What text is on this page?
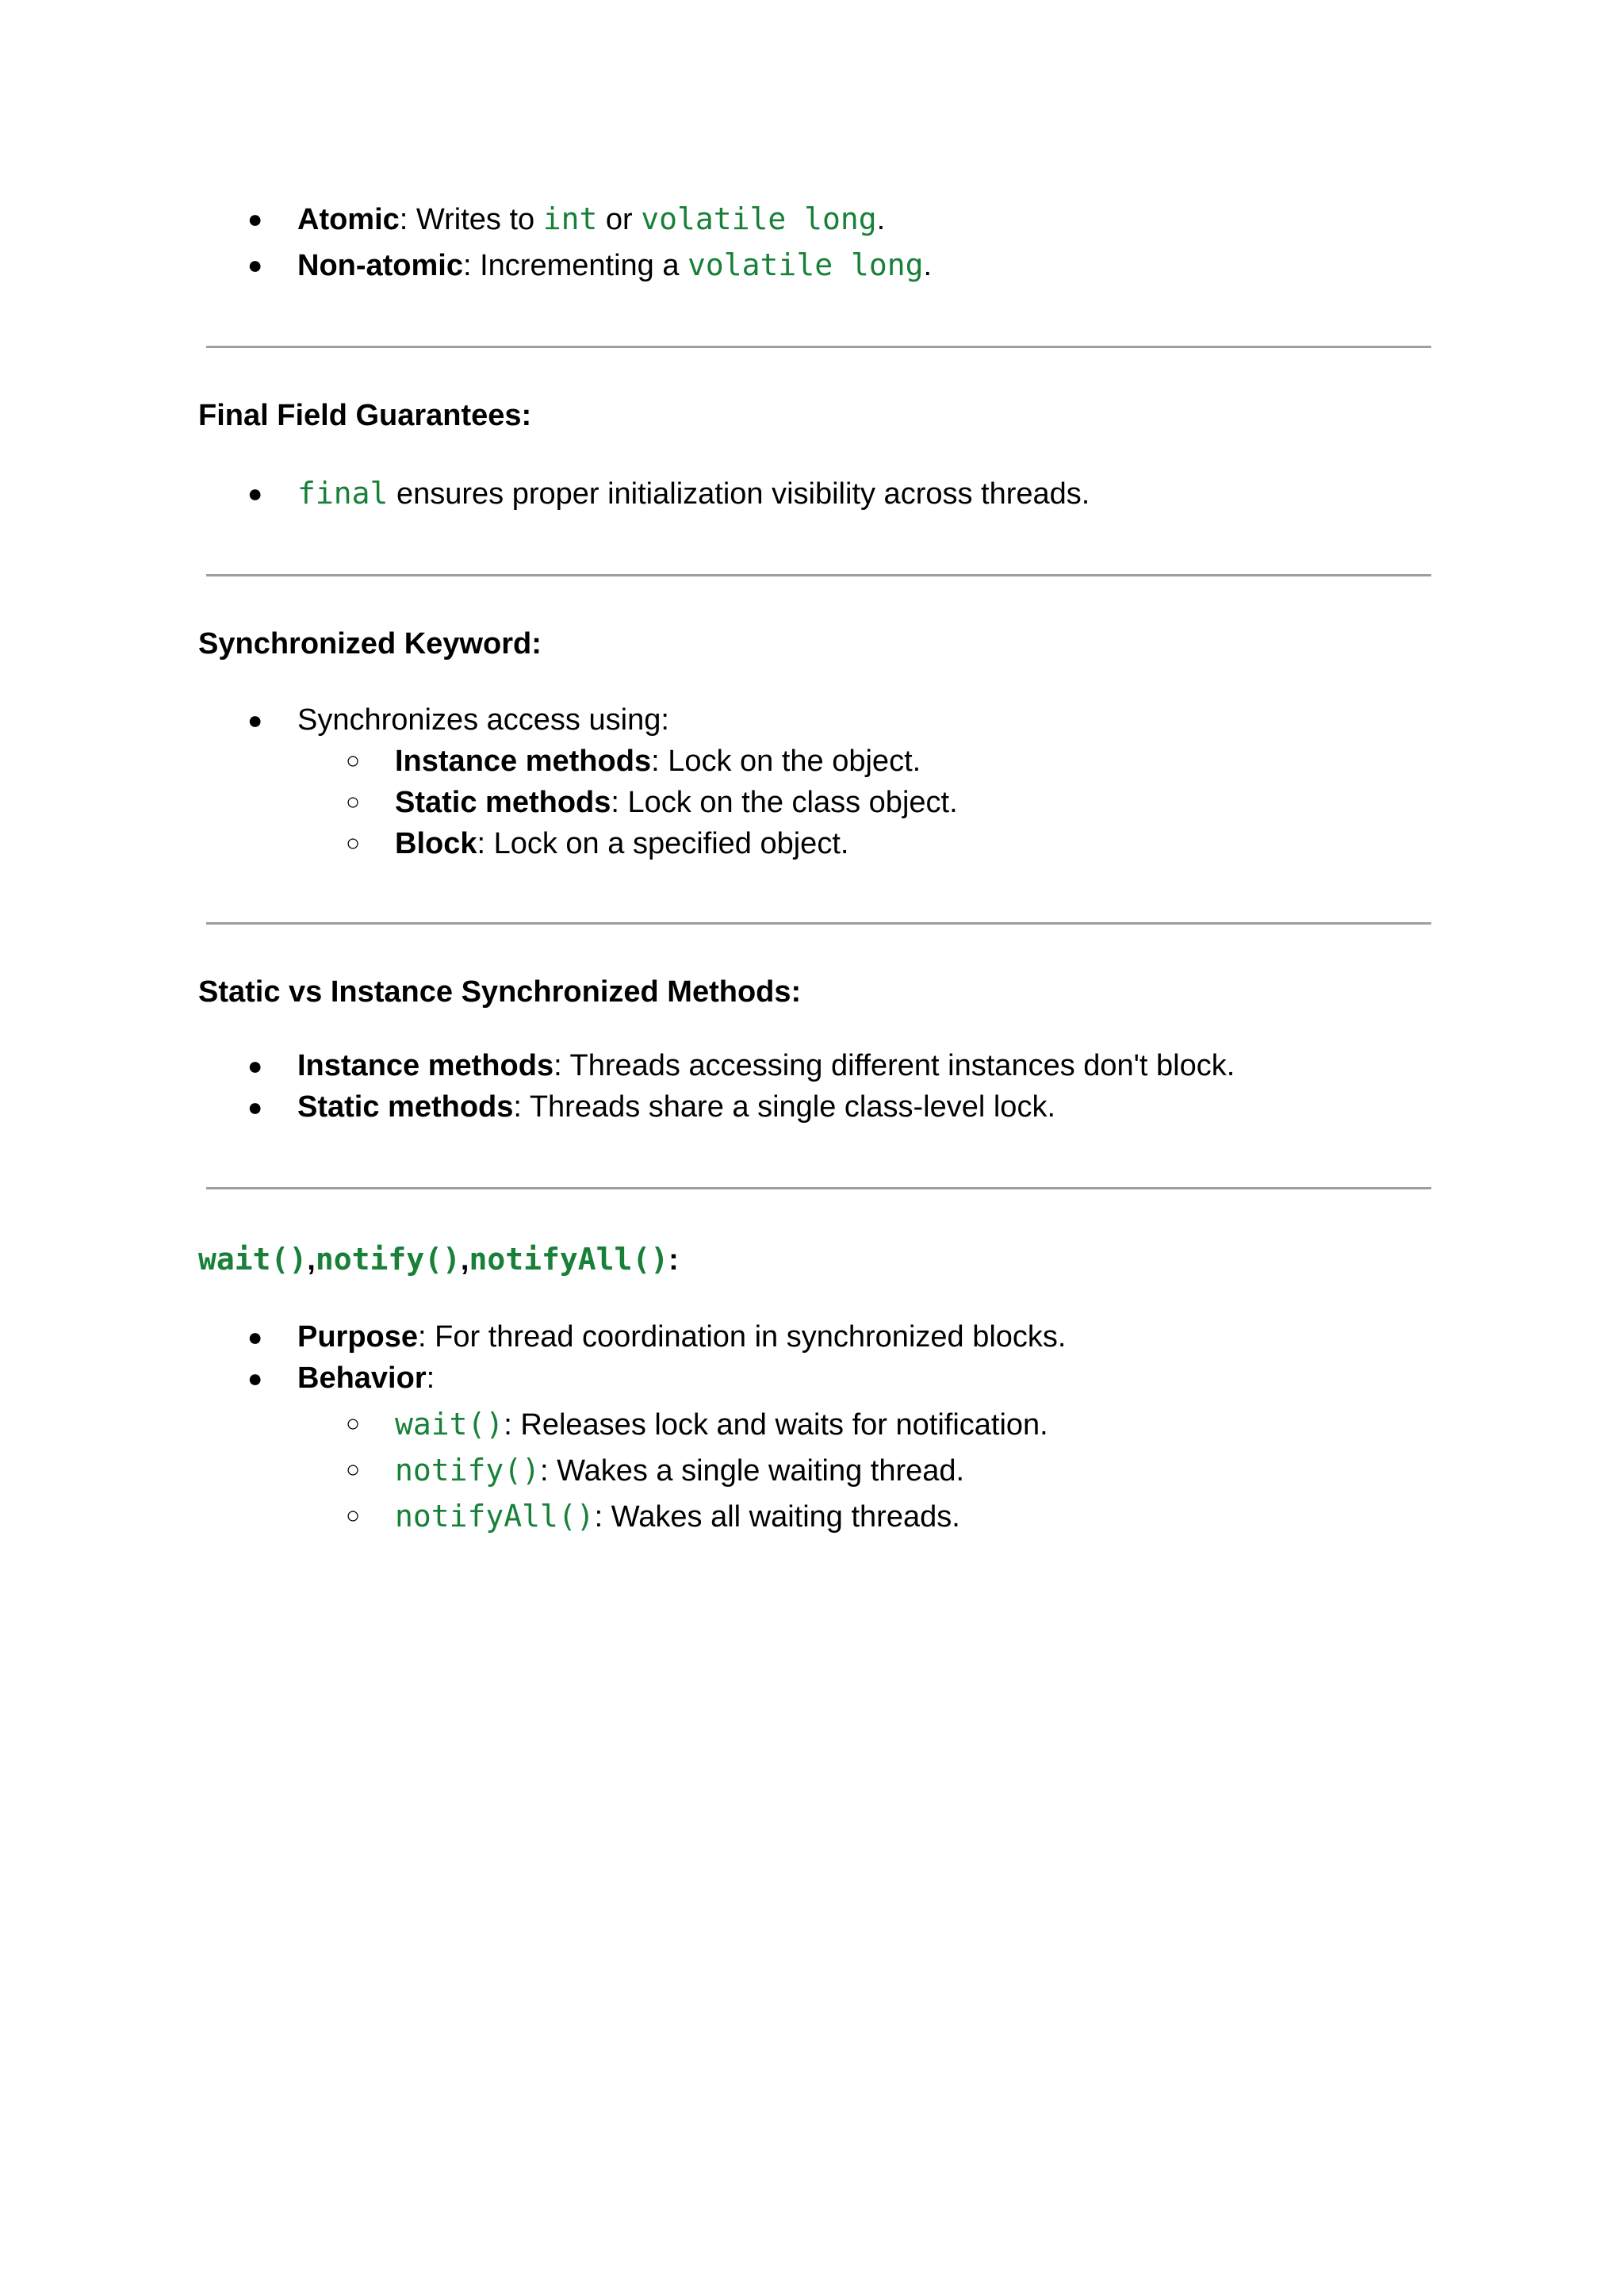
● Atomic: Writes to int or volatile long.
● Non-atomic: Incrementing a volatile long.
Final Field Guarantees:
● final ensures proper initialization visibility across threads.
Synchronized Keyword:
● Synchronizes access using:
○ Instance methods: Lock on the object.
○ Static methods: Lock on the class object.
○ Block: Lock on a specified object.
Static vs Instance Synchronized Methods:
● Instance methods: Threads accessing different instances don't block.
● Static methods: Threads share a single class-level lock.
wait(),notify(),notifyAll():
● Purpose: For thread coordination in synchronized blocks.
● Behavior:
○ wait(): Releases lock and waits for notification.
○ notify(): Wakes a single waiting thread.
○ notifyAll(): Wakes all waiting threads.
